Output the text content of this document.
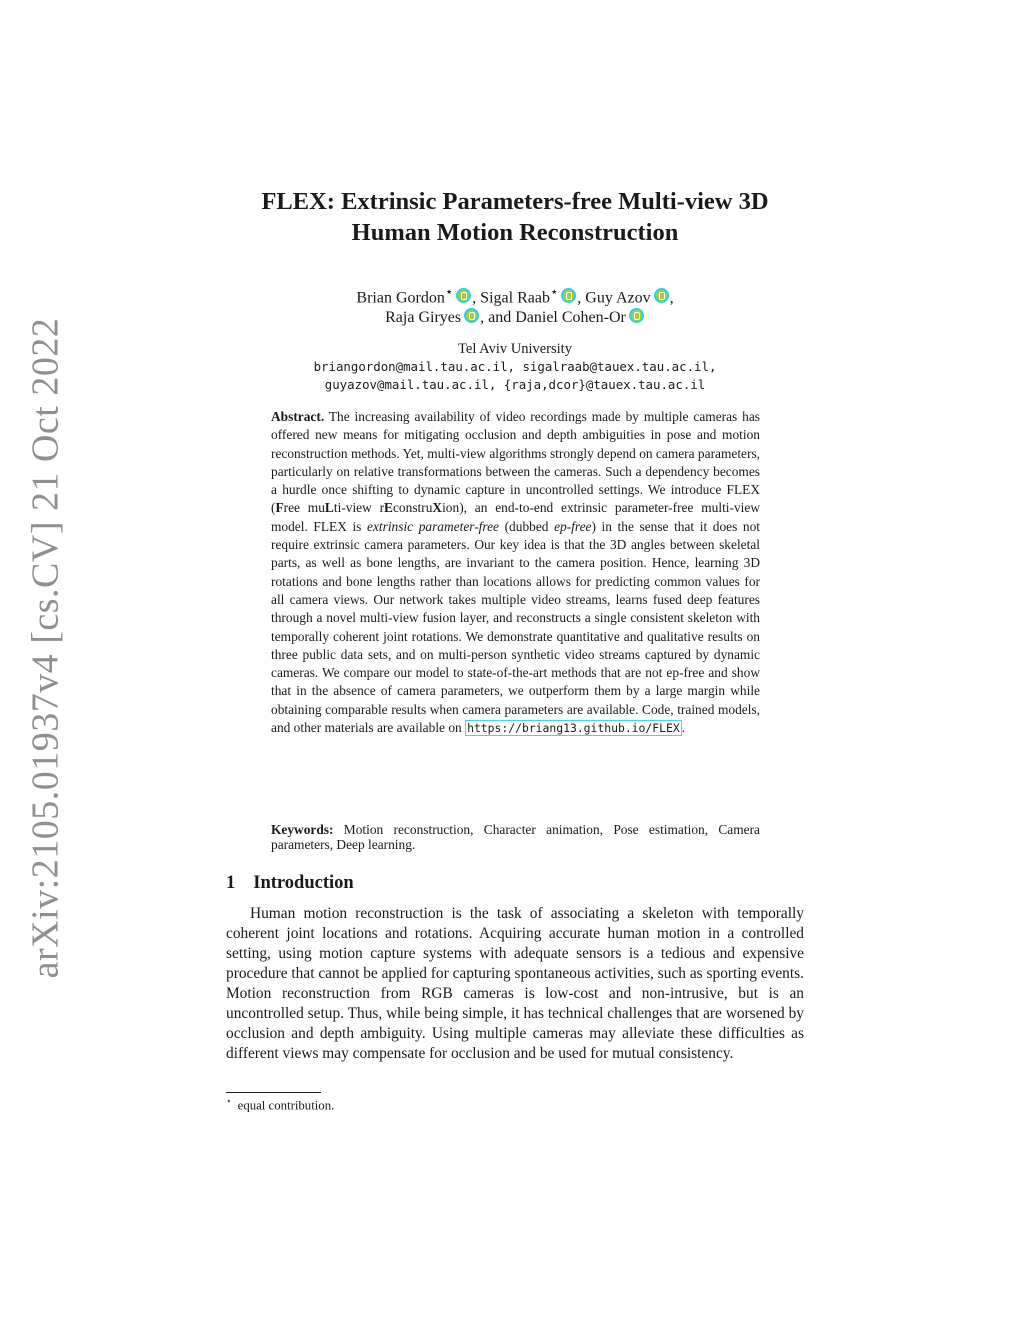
arXiv:2105.01937v4 [cs.CV] 21 Oct 2022
FLEX: Extrinsic Parameters-free Multi-view 3D
Human Motion Reconstruction
Brian Gordon⋆ , Sigal Raab⋆ , Guy Azov ,
Raja Giryes , and Daniel Cohen-Or
Tel Aviv University
briangordon@mail.tau.ac.il, sigalraab@tauex.tau.ac.il,
guyazov@mail.tau.ac.il, {raja,dcor}@tauex.tau.ac.il
Abstract. The increasing availability of video recordings made by multiple cameras has offered new means for mitigating occlusion and depth ambiguities in pose and motion reconstruction methods. Yet, multi-view algorithms strongly depend on camera parameters, particularly on relative transformations between the cameras. Such a dependency becomes a hurdle once shifting to dynamic capture in uncontrolled settings. We introduce FLEX (Free muLti-view rEconstruXion), an end-to-end extrinsic parameter-free multi-view model. FLEX is extrinsic parameter-free (dubbed ep-free) in the sense that it does not require extrinsic camera parameters. Our key idea is that the 3D angles between skeletal parts, as well as bone lengths, are invariant to the camera position. Hence, learning 3D rotations and bone lengths rather than locations allows for predicting common values for all camera views. Our network takes multiple video streams, learns fused deep features through a novel multi-view fusion layer, and reconstructs a single consistent skeleton with temporally coherent joint rotations. We demonstrate quantitative and qualitative results on three public data sets, and on multi-person synthetic video streams captured by dynamic cameras. We compare our model to state-of-the-art methods that are not ep-free and show that in the absence of camera parameters, we outperform them by a large margin while obtaining comparable results when camera parameters are available. Code, trained models, and other materials are available on https://briang13.github.io/FLEX .
Keywords: Motion reconstruction, Character animation, Pose estimation, Camera parameters, Deep learning.
1 Introduction
Human motion reconstruction is the task of associating a skeleton with temporally coherent joint locations and rotations. Acquiring accurate human motion in a controlled setting, using motion capture systems with adequate sensors is a tedious and expensive procedure that cannot be applied for capturing spontaneous activities, such as sporting events. Motion reconstruction from RGB cameras is low-cost and non-intrusive, but is an uncontrolled setup. Thus, while being simple, it has technical challenges that are worsened by occlusion and depth ambiguity. Using multiple cameras may alleviate these difficulties as different views may compensate for occlusion and be used for mutual consistency.
⋆ equal contribution.
